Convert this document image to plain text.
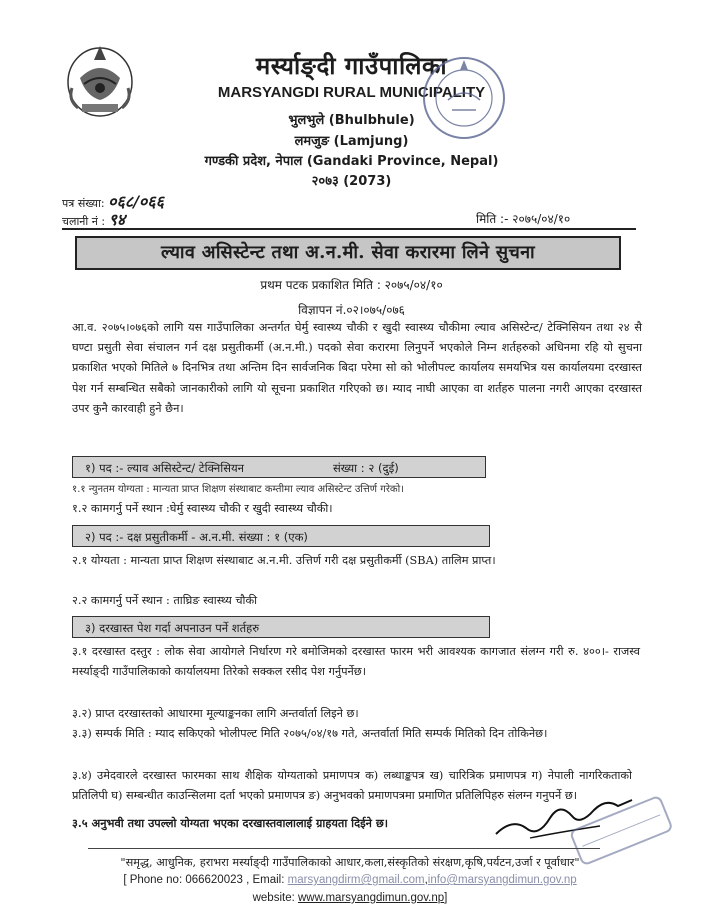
मर्स्याङ्दी गाउँपालिका
MARSYANGDI RURAL MUNICIPALITY
भुलभुले (Bhulbhule)
लमजुङ (Lamjung)
गण्डकी प्रदेश, नेपाल (Gandaki Province, Nepal)
२०७३ (2073)
पत्र संख्या: ०६८/०६६
चलानी नं : ९४	मिति :- २०७५/०४/१०
ल्याव असिस्टेन्ट तथा अ.न.मी. सेवा करारमा लिने सुचना
प्रथम पटक प्रकाशित मिति : २०७५/०४/१०
विज्ञापन नं.०२।०७५/०७६
आ.व. २०७५।०७६को लागि यस गाउँपालिका अन्तर्गत घेर्मु स्वास्थ्य चौकी र खुदी स्वास्थ्य चौकीमा ल्याव असिस्टेन्ट/ टेक्निसियन तथा २४ सै घण्टा प्रसुती सेवा संचालन गर्न दक्ष प्रसुतीकर्मी (अ.न.मी.) पदको सेवा करारमा लिनुपर्ने भएकोले निम्न शर्तहरुको अधिनमा रहि यो सुचना प्रकाशित भएको मितिले ७ दिनभित्र तथा अन्तिम दिन सार्वजनिक बिदा परेमा सो को भोलीपल्ट कार्यालय समयभित्र यस कार्यालयमा दरखास्त पेश गर्न सम्बन्धित सबैको जानकारीको लागि यो सूचना प्रकाशित गरिएको छ। म्याद नाघी आएका वा शर्तहरु पालना नगरी आएका दरखास्त उपर कुनै कारवाही हुने छैन।
१) पद :- ल्याव असिस्टेन्ट/ टेक्निसियन	संख्या : २ (दुई)
१.१ न्युनतम योग्यता : मान्यता प्राप्त शिक्षण संस्थाबाट कम्तीमा ल्याव असिस्टेन्ट उत्तिर्ण गरेको।
१.२ कामगर्नु पर्ने स्थान :घेर्मु स्वास्थ्य चौकी र खुदी स्वास्थ्य चौकी।
२) पद :- दक्ष प्रसुतीकर्मी - अ.न.मी. संख्या : १ (एक)
२.१ योग्यता : मान्यता प्राप्त शिक्षण संस्थाबाट अ.न.मी. उत्तिर्ण गरी दक्ष प्रसुतीकर्मी (SBA) तालिम प्राप्त।
२.२ कामगर्नु पर्ने स्थान : ताघ्रिङ स्वास्थ्य चौकी
३) दरखास्त पेश गर्दा अपनाउन पर्ने शर्तहरु
३.१ दरखास्त दस्तुर : लोक सेवा आयोगले निर्धारण गरे बमोजिमको दरखास्त फारम भरी आवश्यक कागजात संलग्न गरी रु. ४००।- राजस्व मर्स्याङ्दी गाउँपालिकाको कार्यालयमा तिरेको सक्कल रसीद पेश गर्नुपर्नेछ।
३.२) प्राप्त दरखास्तको आधारमा मूल्याङ्कनका लागि अन्तर्वार्ता लिइने छ।
३.३) सम्पर्क मिति : म्याद सकिएको भोलीपल्ट मिति २०७५/०४/१७ गते, अन्तर्वार्ता मिति सम्पर्क मितिको दिन तोकिनेछ।
३.४) उमेदवारले दरखास्त फारमका साथ शैक्षिक योग्यताको प्रमाणपत्र क) लब्धाङ्कपत्र ख) चारित्रिक प्रमाणपत्र ग) नेपाली नागरिकताको प्रतिलिपी घ) सम्बन्धीत काउन्सिलमा दर्ता भएको प्रमाणपत्र ङ) अनुभवको प्रमाणपत्रमा प्रमाणित प्रतिलिपिहरु संलग्न गनुपर्ने छ।
३.५ अनुभवी तथा उपल्लो योग्यता भएका दरखास्तवालालाई ग्राहयता दिईने छ।
"समृद्ध, आधुनिक, हराभरा मर्स्याङ्दी गाउँपालिकाको आधार,कला,संस्कृतिको संरक्षण,कृषि,पर्यटन,उर्जा र पूर्वाधार"
[ Phone no: 066620023 , Email: marsyangdirm@gmail.com,info@marsyangdimun.gov.np
website: www.marsyangdimun.gov.np]
